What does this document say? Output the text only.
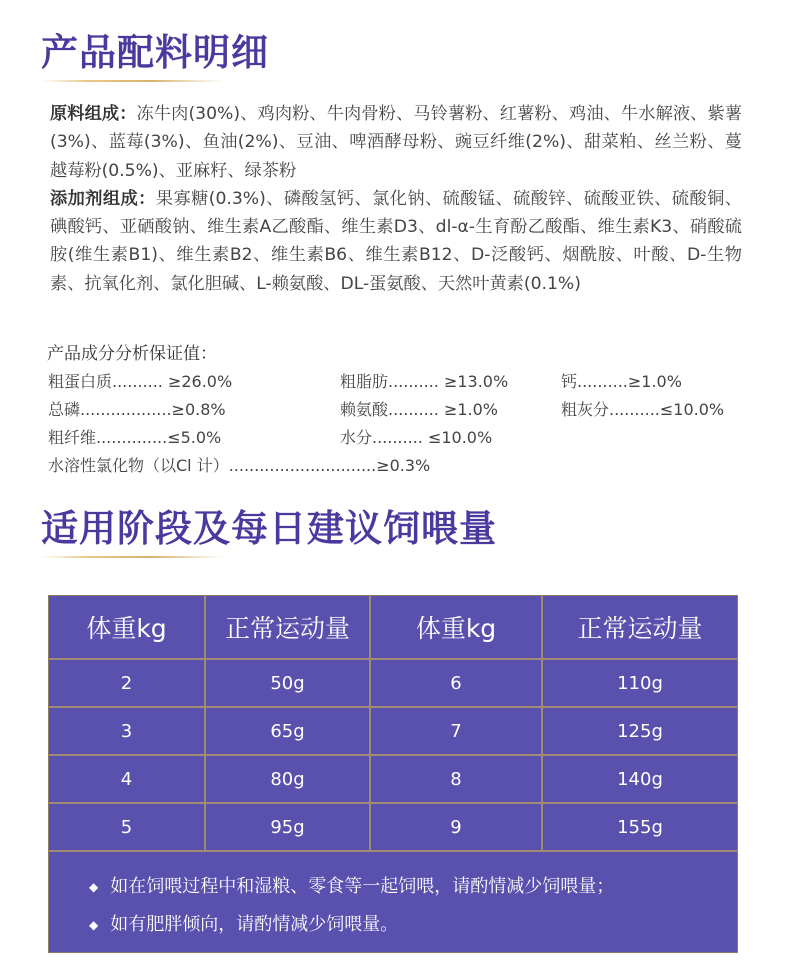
产品配料明细

原料组成：冻牛肉(30%)、鸡肉粉、牛肉骨粉、马铃薯粉、红薯粉、鸡油、牛水解液、紫薯(3%)、蓝莓(3%)、鱼油(2%)、豆油、啤酒酵母粉、豌豆纤维(2%)、甜菜粕、丝兰粉、蔓越莓粉(0.5%)、亚麻籽、绿茶粉

添加剂组成：果寡糖(0.3%)、磷酸氢钙、氯化钠、硫酸锰、硫酸锌、硫酸亚铁、硫酸铜、碘酸钙、亚硒酸钠、维生素A乙酸酯、维生素D3、dl-α-生育酚乙酸酯、维生素K3、硝酸硫胺(维生素B1)、维生素B2、维生素B6、维生素B12、D-泛酸钙、烟酰胺、叶酸、D-生物素、抗氧化剂、氯化胆碱、L-赖氨酸、DL-蛋氨酸、天然叶黄素(0.1%)

产品成分分析保证值：
粗蛋白质.......... ≥26.0%	粗脂肪.......... ≥13.0%	钙..........≥1.0%
总磷..................≥0.8%	赖氨酸.......... ≥1.0%	粗灰分..........≤10.0%
粗纤维..............≤5.0%	水分.......... ≤10.0%
水溶性氯化物（以Cl 计）.............................≥0.3%
适用阶段及每日建议饲喂量
体重kg	正常运动量	体重kg	正常运动量
2	50g	6	110g
3	65g	7	125g
4	80g	8	140g
5	95g	9	155g
◆ 如在饲喂过程中和湿粮、零食等一起饲喂，请酌情减少饲喂量；
◆ 如有肥胖倾向，请酌情减少饲喂量。
